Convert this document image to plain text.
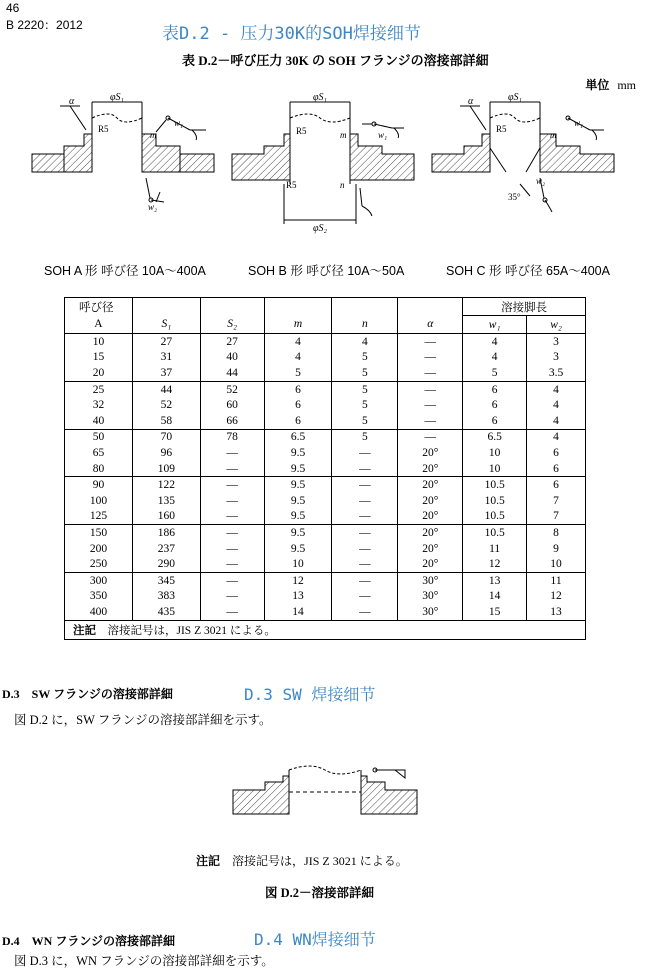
46
B 2220：2012	表D.2 - 压力30K的SOH焊接细节
表 D.2－呼び圧力 30K の SOH フランジの溶接部詳細
単位 mm
φS₁
α
R5
m
w₁
w₂
φS₁
φS₂
R5
R5
m
n
w₁
φS₁
α
R5
m
w₁
w₂
35°
SOH A 形 呼び径 10A～400A	SOH B 形 呼び径 10A～50A	SOH C 形 呼び径 65A～400A
呼び径						溶接脚長	
A	S₁	S₂	m	n	α	w₁	w₂
10	27	27	4	4	—	4	3
15	31	40	4	5	—	4	3
20	37	44	5	5	—	5	3.5
25	44	52	6	5	—	6	4
32	52	60	6	5	—	6	4
40	58	66	6	5	—	6	4
50	70	78	6.5	5	—	6.5	4
65	96	—	9.5	—	20°	10	6
80	109	—	9.5	—	20°	10	6
90	122	—	9.5	—	20°	10.5	6
100	135	—	9.5	—	20°	10.5	7
125	160	—	9.5	—	20°	10.5	7
150	186	—	9.5	—	20°	10.5	8
200	237	—	9.5	—	20°	11	9
250	290	—	10	—	20°	12	10
300	345	—	12	—	30°	13	11
350	383	—	13	—	30°	14	12
400	435	—	14	—	30°	15	13
注記　 溶接記号は，JIS Z 3021 による。							
D.3　SW フランジの溶接部詳細	D.3 SW 焊接细节
図 D.2 に，SW フランジの溶接部詳細を示す。
注記　 溶接記号は，JIS Z 3021 による。
図 D.2－溶接部詳細
D.4　WN フランジの溶接部詳細	D.4 WN焊接细节
図 D.3 に，WN フランジの溶接部詳細を示す。
